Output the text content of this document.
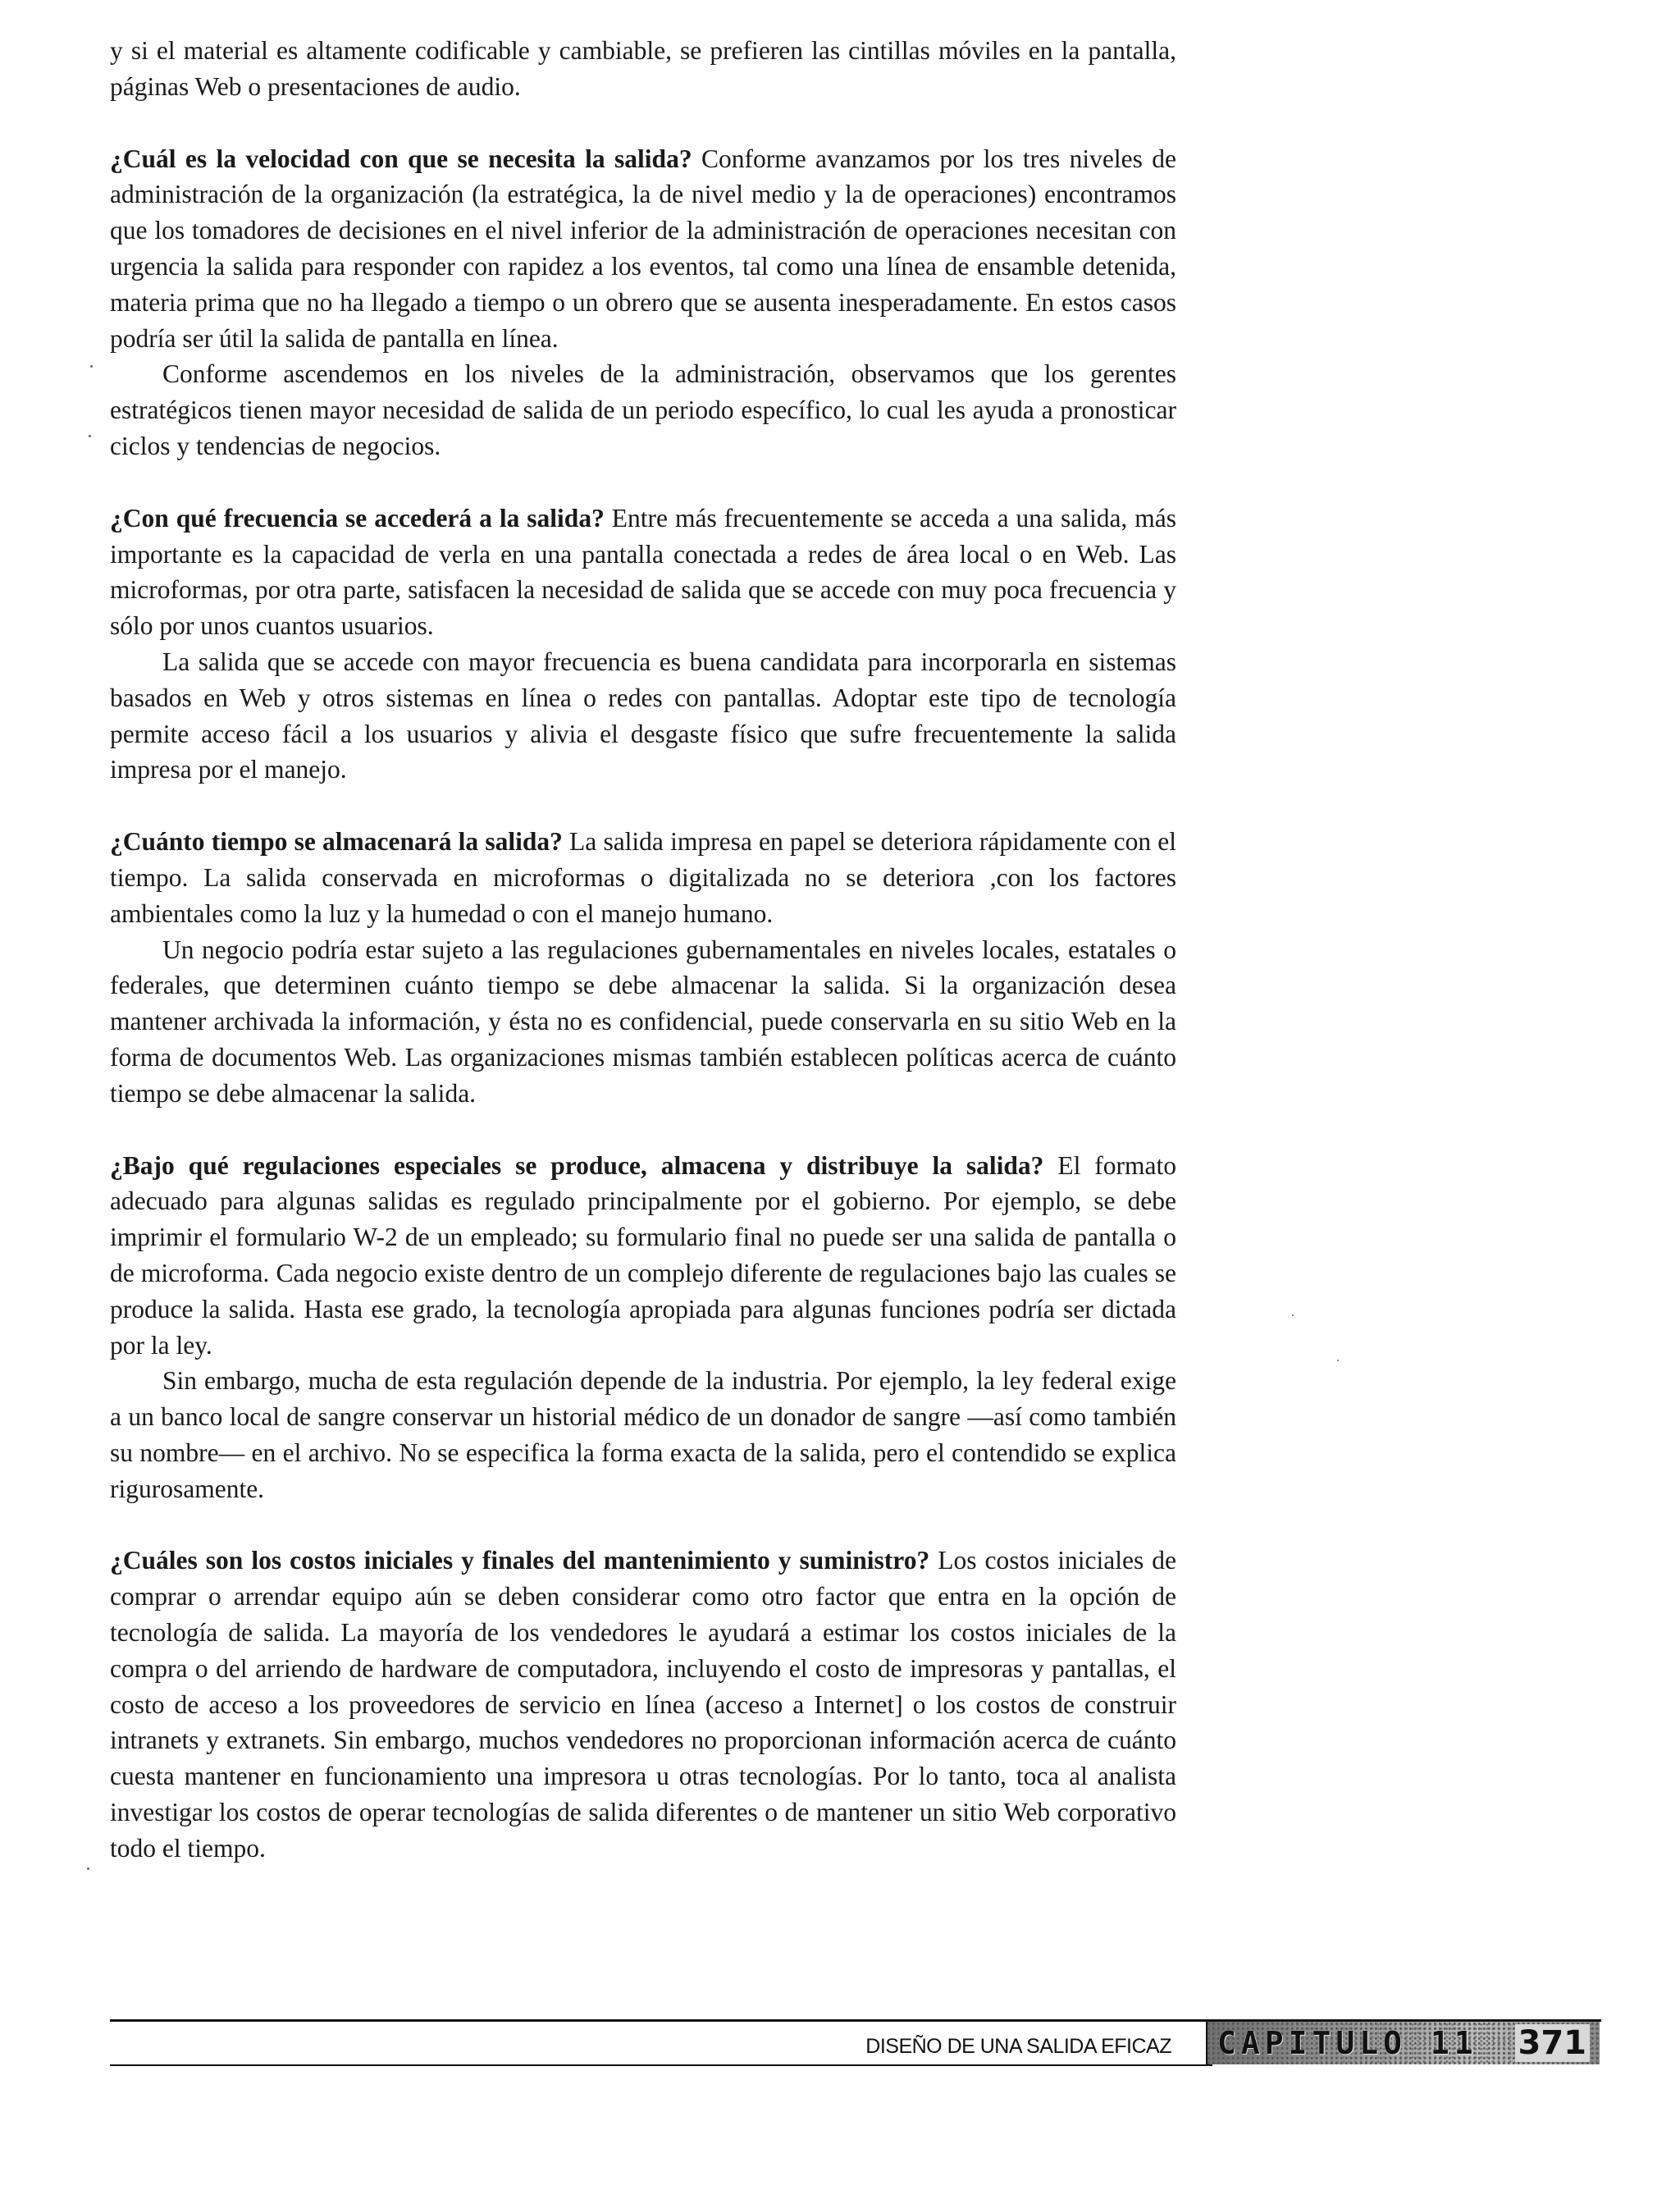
y si el material es altamente codificable y cambiable, se prefieren las cintillas móviles en la pantalla, páginas Web o presentaciones de audio.

¿Cuál es la velocidad con que se necesita la salida? Conforme avanzamos por los tres niveles de administración de la organización (la estratégica, la de nivel medio y la de operaciones) encontramos que los tomadores de decisiones en el nivel inferior de la administración de operaciones necesitan con urgencia la salida para responder con rapidez a los eventos, tal como una línea de ensamble detenida, materia prima que no ha llegado a tiempo o un obrero que se ausenta inesperadamente. En estos casos podría ser útil la salida de pantalla en línea.

Conforme ascendemos en los niveles de la administración, observamos que los gerentes estratégicos tienen mayor necesidad de salida de un periodo específico, lo cual les ayuda a pronosticar ciclos y tendencias de negocios.

¿Con qué frecuencia se accederá a la salida? Entre más frecuentemente se acceda a una salida, más importante es la capacidad de verla en una pantalla conectada a redes de área local o en Web. Las microformas, por otra parte, satisfacen la necesidad de salida que se accede con muy poca frecuencia y sólo por unos cuantos usuarios.

La salida que se accede con mayor frecuencia es buena candidata para incorporarla en sistemas basados en Web y otros sistemas en línea o redes con pantallas. Adoptar este tipo de tecnología permite acceso fácil a los usuarios y alivia el desgaste físico que sufre frecuentemente la salida impresa por el manejo.

¿Cuánto tiempo se almacenará la salida? La salida impresa en papel se deteriora rápidamente con el tiempo. La salida conservada en microformas o digitalizada no se deteriora ,con los factores ambientales como la luz y la humedad o con el manejo humano.

Un negocio podría estar sujeto a las regulaciones gubernamentales en niveles locales, estatales o federales, que determinen cuánto tiempo se debe almacenar la salida. Si la organización desea mantener archivada la información, y ésta no es confidencial, puede conservarla en su sitio Web en la forma de documentos Web. Las organizaciones mismas también establecen políticas acerca de cuánto tiempo se debe almacenar la salida.

¿Bajo qué regulaciones especiales se produce, almacena y distribuye la salida? El formato adecuado para algunas salidas es regulado principalmente por el gobierno. Por ejemplo, se debe imprimir el formulario W-2 de un empleado; su formulario final no puede ser una salida de pantalla o de microforma. Cada negocio existe dentro de un complejo diferente de regulaciones bajo las cuales se produce la salida. Hasta ese grado, la tecnología apropiada para algunas funciones podría ser dictada por la ley.

Sin embargo, mucha de esta regulación depende de la industria. Por ejemplo, la ley federal exige a un banco local de sangre conservar un historial médico de un donador de sangre —así como también su nombre— en el archivo. No se especifica la forma exacta de la salida, pero el contendido se explica rigurosamente.

¿Cuáles son los costos iniciales y finales del mantenimiento y suministro? Los costos iniciales de comprar o arrendar equipo aún se deben considerar como otro factor que entra en la opción de tecnología de salida. La mayoría de los vendedores le ayudará a estimar los costos iniciales de la compra o del arriendo de hardware de computadora, incluyendo el costo de impresoras y pantallas, el costo de acceso a los proveedores de servicio en línea (acceso a Internet] o los costos de construir intranets y extranets. Sin embargo, muchos vendedores no proporcionan información acerca de cuánto cuesta mantener en funcionamiento una impresora u otras tecnologías. Por lo tanto, toca al analista investigar los costos de operar tecnologías de salida diferentes o de mantener un sitio Web corporativo todo el tiempo.

DISEÑO DE UNA SALIDA EFICAZ CAPITULO 11 371
